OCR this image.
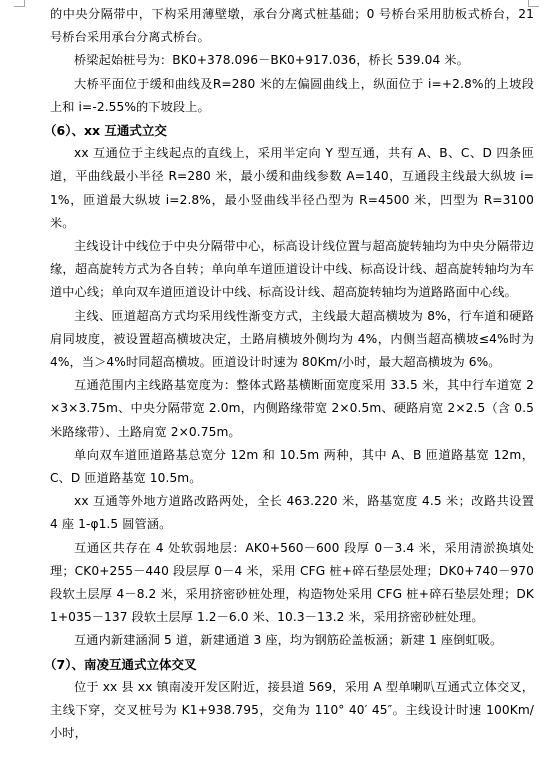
的中央分隔带中，下构采用薄壁墩，承台分离式桩基础；0 号桥台采用肋板式桥台，21 号桥台采用承台分离式桥台。

桥梁起始桩号为：BK0+378.096－BK0+917.036，桥长 539.04 米。

大桥平面位于缓和曲线及R=280 米的左偏圆曲线上，纵面位于 i=+2.8%的上坡段上和 i=-2.55%的下坡段上。

（6）、xx 互通式立交

xx 互通位于主线起点的直线上，采用半定向 Y 型互通，共有 A、B、C、D 四条匝道，平曲线最小半径 R=280 米，最小缓和曲线参数 A=140，互通段主线最大纵坡 i=1%，匝道最大纵坡 i=2.8%，最小竖曲线半径凸型为 R=4500 米，凹型为 R=3100 米。

主线设计中线位于中央分隔带中心，标高设计线位置与超高旋转轴均为中央分隔带边缘，超高旋转方式为各自转；单向单车道匝道设计中线、标高设计线、超高旋转轴均为车道中心线；单向双车道匝道设计中线、标高设计线、超高旋转轴均为道路路面中心线。

主线、匝道超高方式均采用线性渐变方式，主线最大超高横坡为 8%，行车道和硬路肩同坡度，被设置超高横坡决定，土路肩横坡外侧均为 4%，内侧当超高横坡≤4%时为 4%，当＞4%时同超高横坡。匝道设计时速为 80Km/小时，最大超高横坡为 6%。

互通范围内主线路基宽度为：整体式路基横断面宽度采用 33.5 米，其中行车道宽 2×3×3.75m、中央分隔带宽 2.0m，内侧路缘带宽 2×0.5m、硬路肩宽 2×2.5（含 0.5 米路缘带）、土路肩宽 2×0.75m。

单向双车道匝道路基总宽分 12m 和 10.5m 两种，其中 A、B 匝道路基宽 12m，C、D 匝道路基宽 10.5m。

xx 互通等外地方道路改路两处，全长 463.220 米，路基宽度 4.5 米；改路共设置 4 座 1-φ1.5 圆管涵。

互通区共存在 4 处软弱地层：AK0+560－600 段厚 0－3.4 米，采用清淤换填处理；CK0+255－440 段层厚 0－4 米，采用 CFG 桩+碎石垫层处理；DK0+740－970 段软土层厚 4－8.2 米，采用挤密砂桩处理，构造物处采用 CFG 桩+碎石垫层处理；DK1+035－137 段软土层厚 1.2－6.0 米、10.3－13.2 米，采用挤密砂桩处理。

互通内新建涵洞 5 道，新建通道 3 座，均为钢筋砼盖板涵；新建 1 座倒虹吸。

（7）、南凌互通式立体交叉

位于 xx 县 xx 镇南凌开发区附近，接县道 569，采用 A 型单喇叭互通式立体交叉，主线下穿，交叉桩号为 K1+938.795，交角为 110° 40′ 45″。主线设计时速 100Km/小时，
